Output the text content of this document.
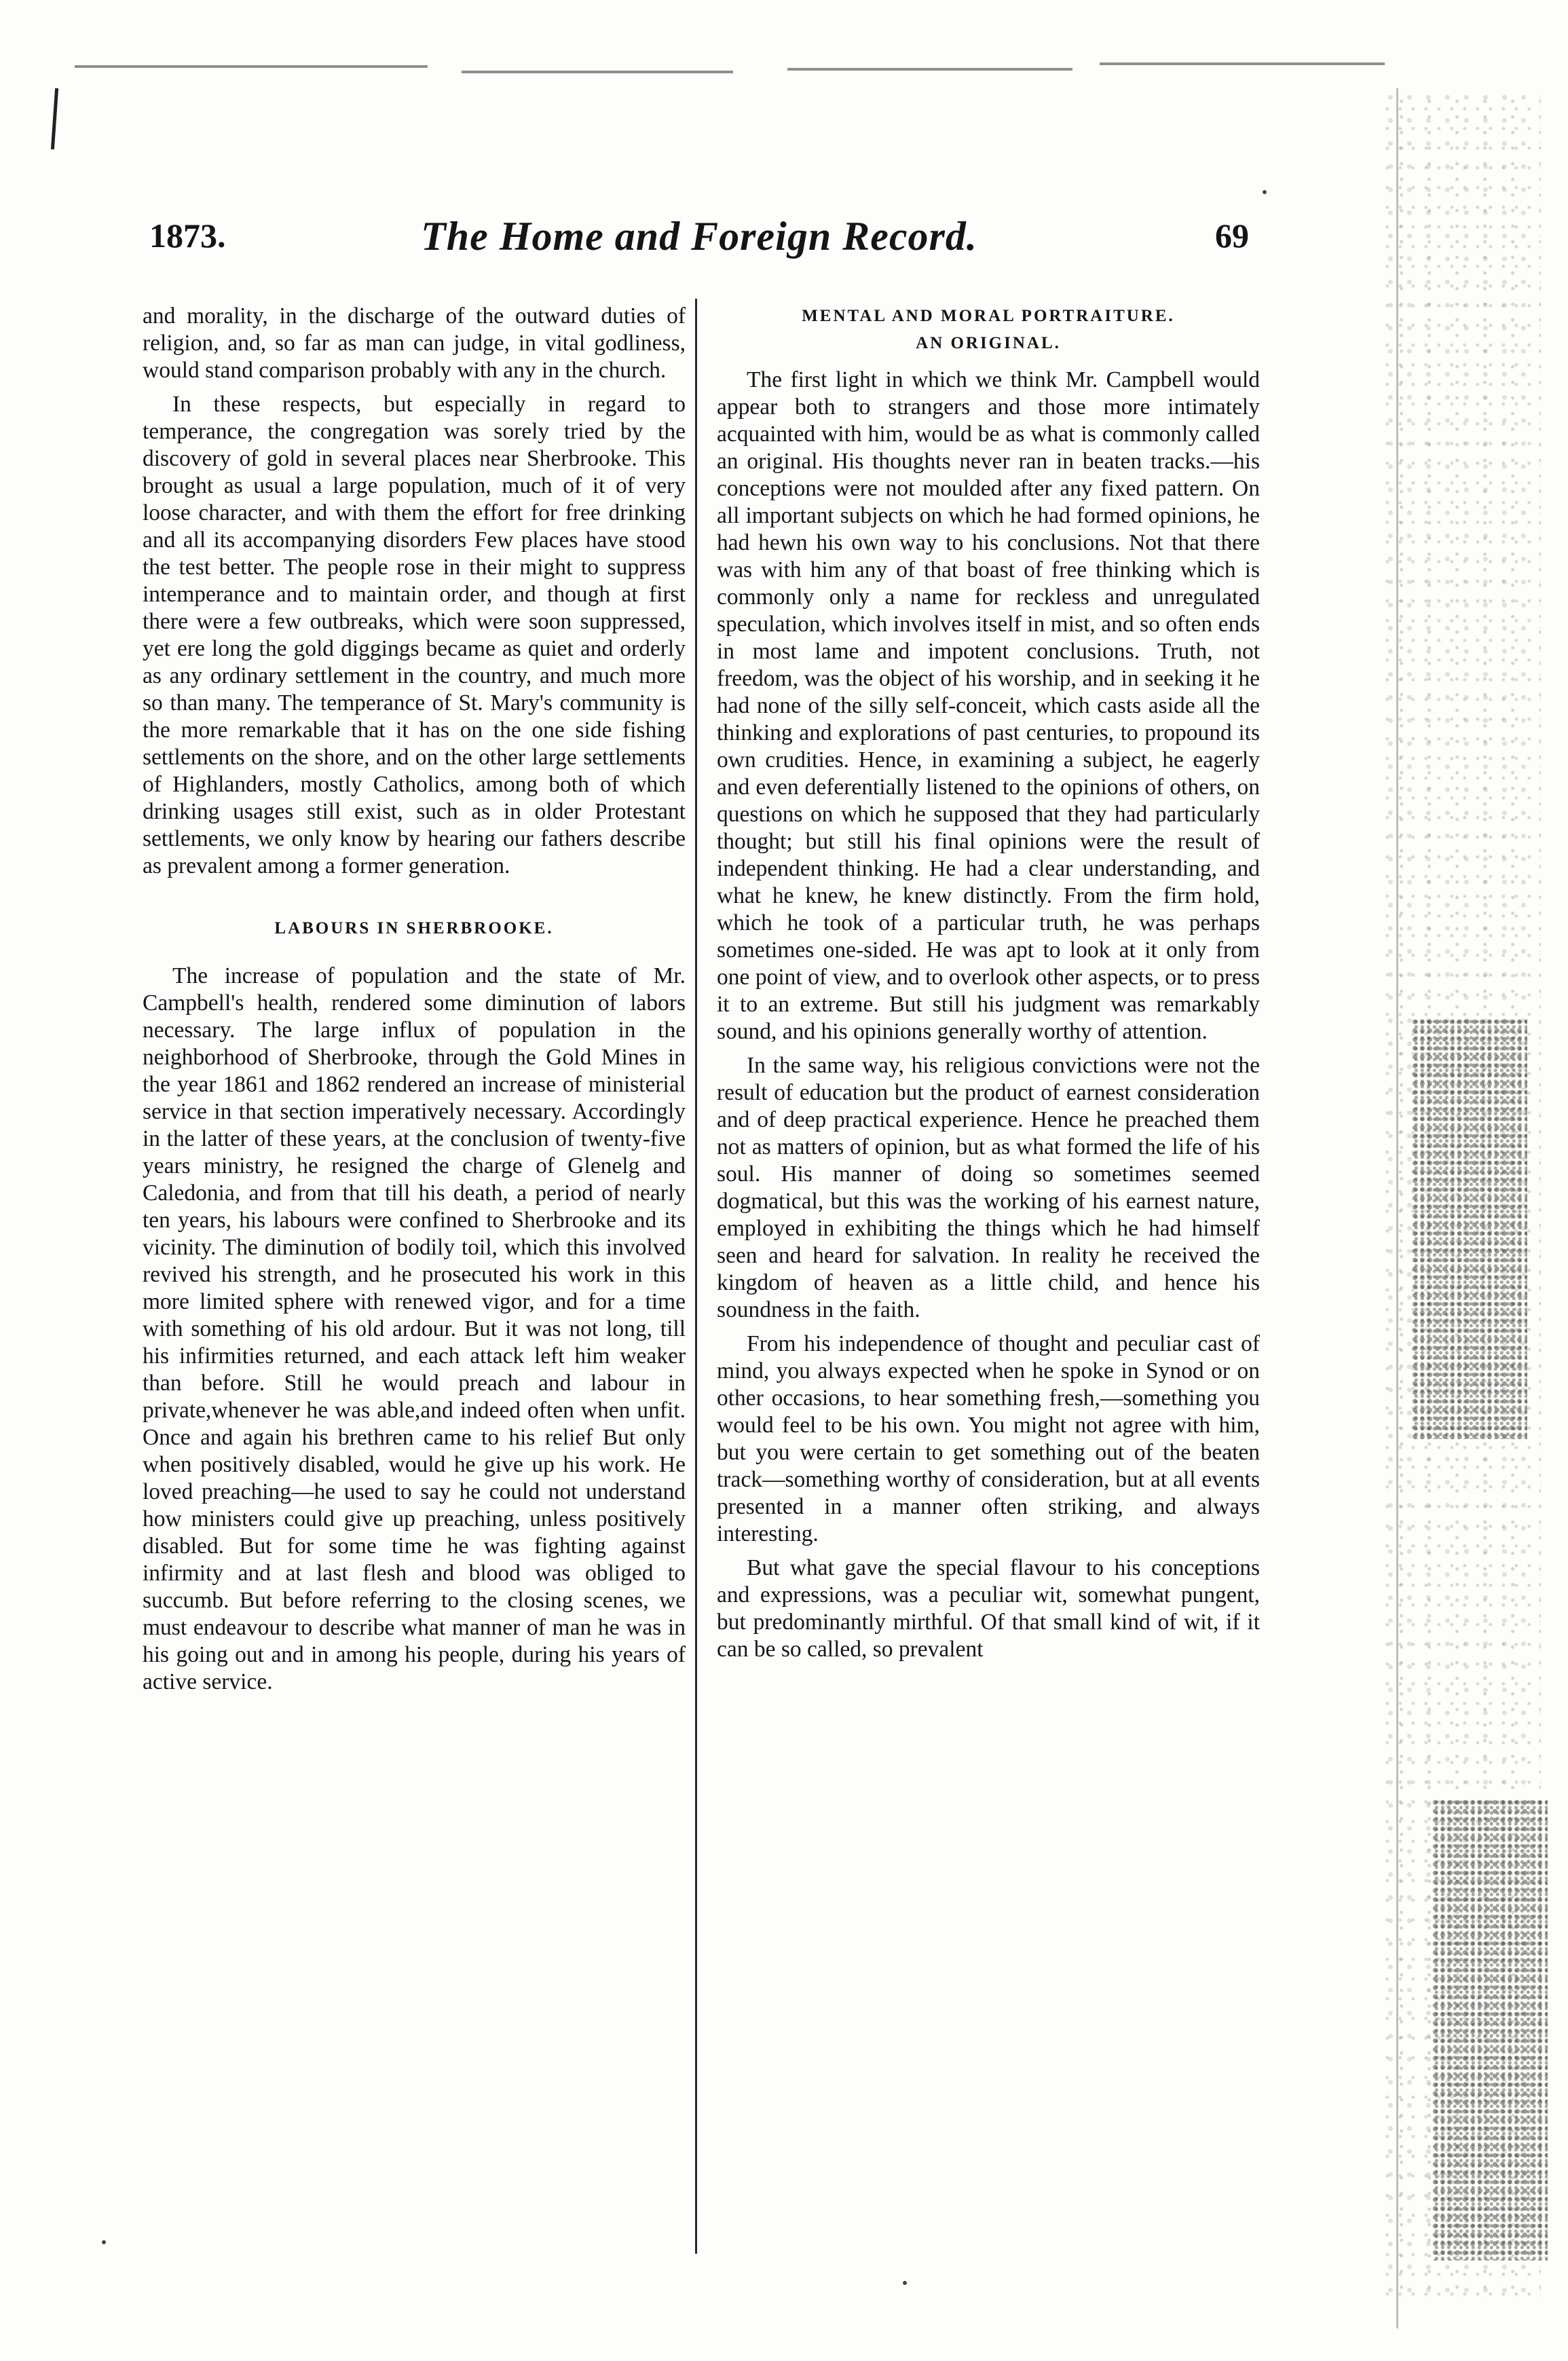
1873.	The Home and Foreign Record.	69

and morality, in the discharge of the outward duties of religion, and, so far as man can judge, in vital godliness, would stand comparison probably with any in the church.

In these respects, but especially in regard to temperance, the congregation was sorely tried by the discovery of gold in several places near Sherbrooke. This brought as usual a large population, much of it of very loose character, and with them the effort for free drinking and all its accompanying disorders Few places have stood the test better. The people rose in their might to suppress intemperance and to maintain order, and though at first there were a few outbreaks, which were soon suppressed, yet ere long the gold diggings became as quiet and orderly as any ordinary settlement in the country, and much more so than many. The temperance of St. Mary's community is the more remarkable that it has on the one side fishing settlements on the shore, and on the other large settlements of Highlanders, mostly Catholics, among both of which drinking usages still exist, such as in older Protestant settlements, we only know by hearing our fathers describe as prevalent among a former generation.

LABOURS IN SHERBROOKE.

The increase of population and the state of Mr. Campbell's health, rendered some diminution of labors necessary. The large influx of population in the neighborhood of Sherbrooke, through the Gold Mines in the year 1861 and 1862 rendered an increase of ministerial service in that section imperatively necessary. Accordingly in the latter of these years, at the conclusion of twenty-five years ministry, he resigned the charge of Glenelg and Caledonia, and from that till his death, a period of nearly ten years, his labours were confined to Sherbrooke and its vicinity. The diminution of bodily toil, which this involved revived his strength, and he prosecuted his work in this more limited sphere with renewed vigor, and for a time with something of his old ardour. But it was not long, till his infirmities returned, and each attack left him weaker than before. Still he would preach and labour in private,whenever he was able,and indeed often when unfit. Once and again his brethren came to his relief But only when positively disabled, would he give up his work. He loved preaching—he used to say he could not understand how ministers could give up preaching, unless positively disabled. But for some time he was fighting against infirmity and at last flesh and blood was obliged to succumb. But before referring to the closing scenes, we must endeavour to describe what manner of man he was in his going out and in among his people, during his years of active service.

MENTAL AND MORAL PORTRAITURE.
AN ORIGINAL.

The first light in which we think Mr. Campbell would appear both to strangers and those more intimately acquainted with him, would be as what is commonly called an original. His thoughts never ran in beaten tracks.—his conceptions were not moulded after any fixed pattern. On all important subjects on which he had formed opinions, he had hewn his own way to his conclusions. Not that there was with him any of that boast of free thinking which is commonly only a name for reckless and unregulated speculation, which involves itself in mist, and so often ends in most lame and impotent conclusions. Truth, not freedom, was the object of his worship, and in seeking it he had none of the silly self-conceit, which casts aside all the thinking and explorations of past centuries, to propound its own crudities. Hence, in examining a subject, he eagerly and even deferentially listened to the opinions of others, on questions on which he supposed that they had particularly thought; but still his final opinions were the result of independent thinking. He had a clear understanding, and what he knew, he knew distinctly. From the firm hold, which he took of a particular truth, he was perhaps sometimes one-sided. He was apt to look at it only from one point of view, and to overlook other aspects, or to press it to an extreme. But still his judgment was remarkably sound, and his opinions generally worthy of attention.

In the same way, his religious convictions were not the result of education but the product of earnest consideration and of deep practical experience. Hence he preached them not as matters of opinion, but as what formed the life of his soul. His manner of doing so sometimes seemed dogmatical, but this was the working of his earnest nature, employed in exhibiting the things which he had himself seen and heard for salvation. In reality he received the kingdom of heaven as a little child, and hence his soundness in the faith.

From his independence of thought and peculiar cast of mind, you always expected when he spoke in Synod or on other occasions, to hear something fresh,—something you would feel to be his own. You might not agree with him, but you were certain to get something out of the beaten track—something worthy of consideration, but at all events presented in a manner often striking, and always interesting.

But what gave the special flavour to his conceptions and expressions, was a peculiar wit, somewhat pungent, but predominantly mirthful. Of that small kind of wit, if it can be so called, so prevalent
